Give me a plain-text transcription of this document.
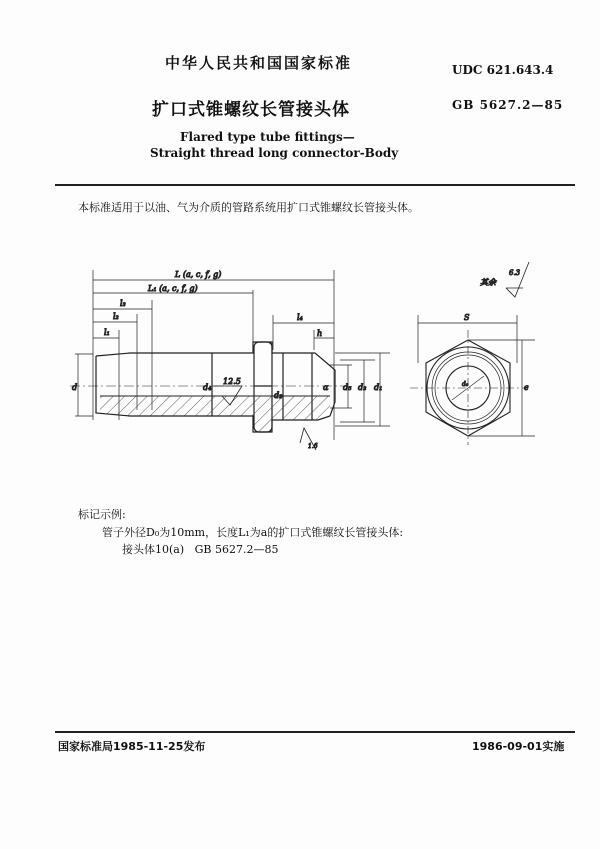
中华人民共和国国家标准	UDC 621.643.4
扩口式锥螺纹长管接头体	GB 5627.2—85
Flared type tube fittings—
Straight thread long connector-Body
本标准适用于以油、气为介质的管路系统用扩口式锥螺纹长管接头体。
L (a, c, f, g)
L₁ (a, c, f, g)
l₃
l₂
l₁
l₄
h
d	d₄
d₂
α d₅ d₃ d₁
12.5
1.6
S
e
d₀
其余
6.3
标记示例:
管子外径D₀为10mm，长度L₁为a的扩口式锥螺纹长管接头体:
接头体10(a)   GB 5627.2—85
国家标准局1985-11-25发布	1986-09-01实施
